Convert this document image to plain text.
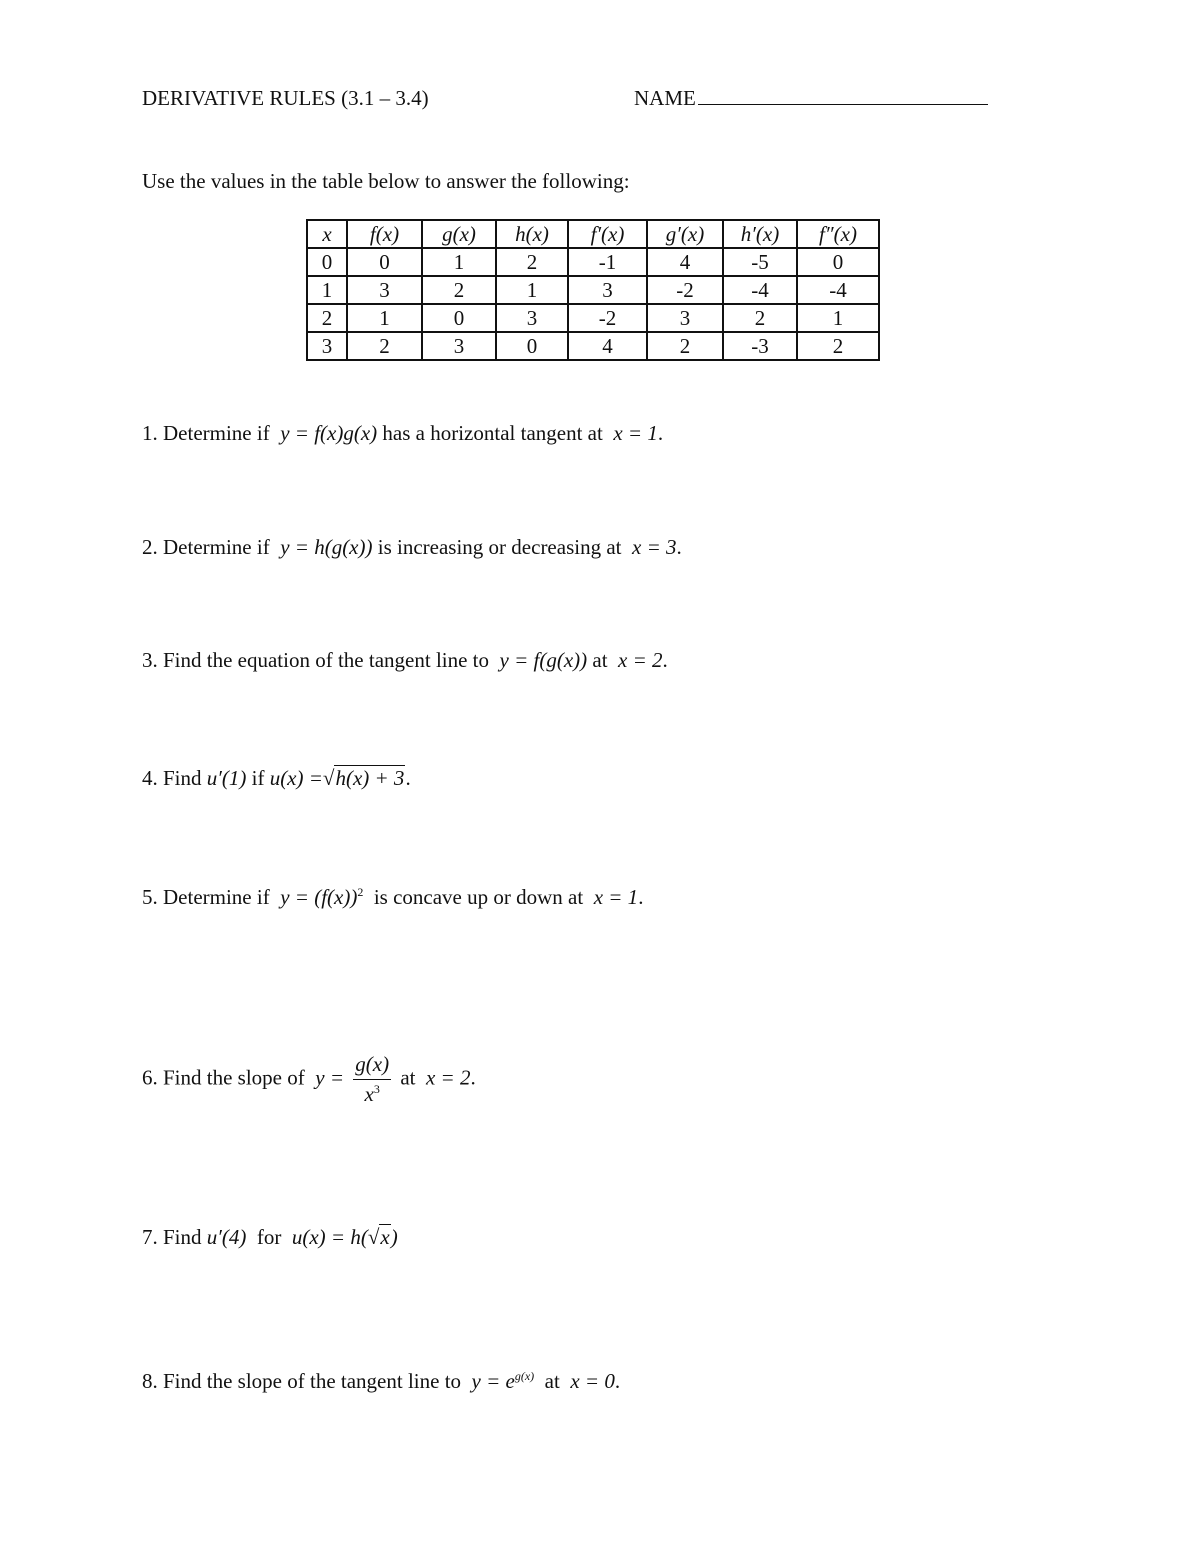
DERIVATIVE RULES (3.1 – 3.4)	NAME
Use the values in the table below to answer the following:
x	f(x)	g(x)	h(x)	f′(x)	g′(x)	h′(x)	f″(x)
0	0	1	2	-1	4	-5	0
1	3	2	1	3	-2	-4	-4
2	1	0	3	-2	3	2	1
3	2	3	0	4	2	-3	2
1. Determine if y = f(x)g(x) has a horizontal tangent at x = 1.
2. Determine if y = h(g(x)) is increasing or decreasing at x = 3.
3. Find the equation of the tangent line to y = f(g(x)) at x = 2.
4. Find u′(1) if u(x) =√h(x) + 3.
5. Determine if $y = (f(x))^2$ is concave up or down at x = 1.
6. Find the slope of $y = \frac{g(x)}{x^3}$ at x = 2.
7. Find u′(4) for u(x) = h(√x)
8. Find the slope of the tangent line to $y = e^{g(x)}$ at x = 0.
